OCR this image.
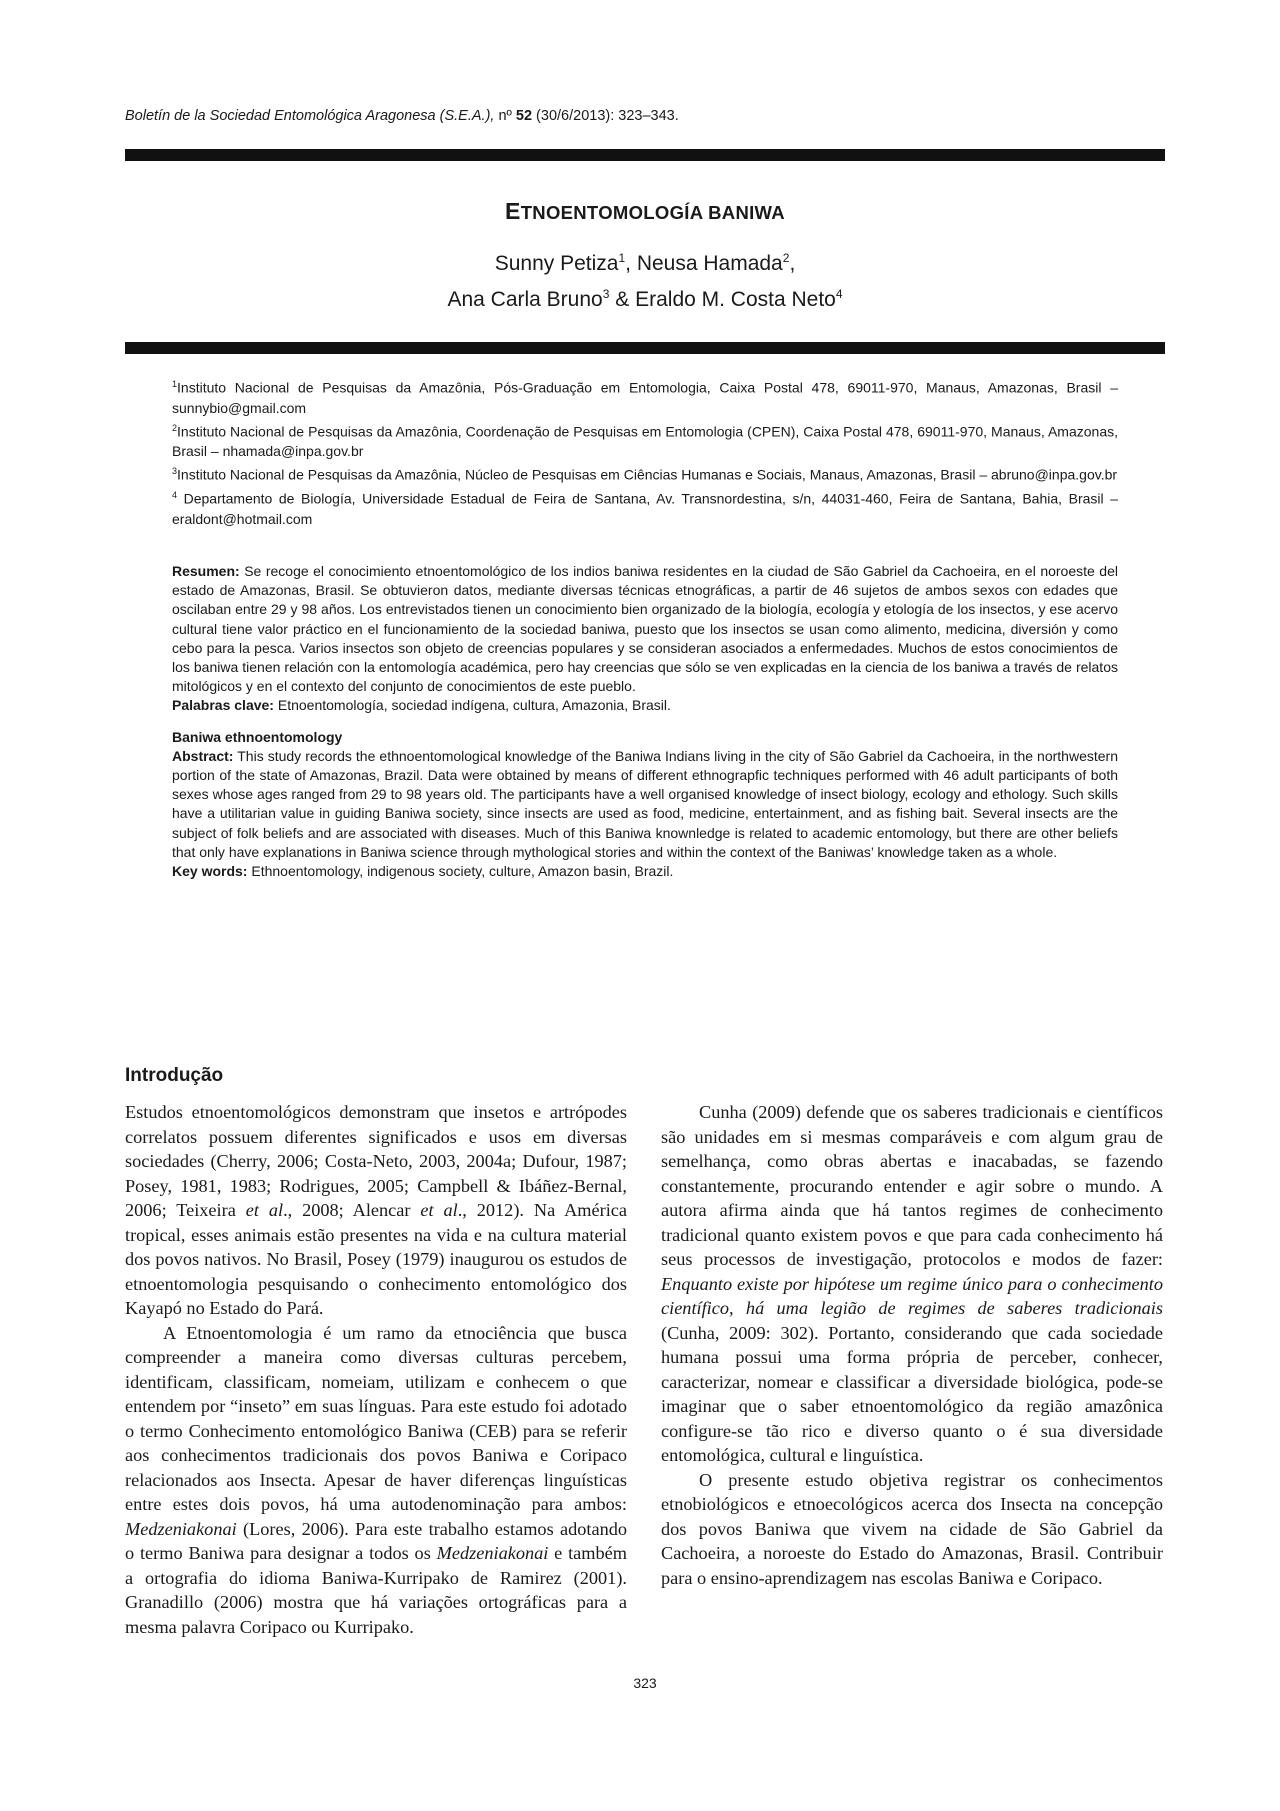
Boletín de la Sociedad Entomológica Aragonesa (S.E.A.), nº 52 (30/6/2013): 323–343.
ETNOENTOMOLOGÍA BANIWA
Sunny Petiza$^1$, Neusa Hamada$^2$,
Ana Carla Bruno$^3$ & Eraldo M. Costa Neto$^4$

$^1$Instituto Nacional de Pesquisas da Amazônia, Pós-Graduação em Entomologia, Caixa Postal 478, 69011-970, Manaus, Amazonas, Brasil – sunnybio@gmail.com

$^2$Instituto Nacional de Pesquisas da Amazônia, Coordenação de Pesquisas em Entomologia (CPEN), Caixa Postal 478, 69011-970, Manaus, Amazonas, Brasil – nhamada@inpa.gov.br

$^3$Instituto Nacional de Pesquisas da Amazônia, Núcleo de Pesquisas em Ciências Humanas e Sociais, Manaus, Amazonas, Brasil – abruno@inpa.gov.br

$^4$ Departamento de Biología, Universidade Estadual de Feira de Santana, Av. Transnordestina, s/n, 44031-460, Feira de Santana, Bahia, Brasil – eraldont@hotmail.com

Resumen: Se recoge el conocimiento etnoentomológico de los indios baniwa residentes en la ciudad de São Gabriel da Cachoeira, en el noroeste del estado de Amazonas, Brasil. Se obtuvieron datos, mediante diversas técnicas etnográficas, a partir de 46 sujetos de ambos sexos con edades que oscilaban entre 29 y 98 años. Los entrevistados tienen un conocimiento bien organizado de la biología, ecología y etología de los insectos, y ese acervo cultural tiene valor práctico en el funcionamiento de la sociedad baniwa, puesto que los insectos se usan como alimento, medicina, diversión y como cebo para la pesca. Varios insectos son objeto de creencias populares y se consideran asociados a enfermedades. Muchos de estos conocimientos de los baniwa tienen relación con la entomología académica, pero hay creencias que sólo se ven explicadas en la ciencia de los baniwa a través de relatos mitológicos y en el contexto del conjunto de conocimientos de este pueblo.

Palabras clave: Etnoentomología, sociedad indígena, cultura, Amazonia, Brasil.

Baniwa ethnoentomology

Abstract: This study records the ethnoentomological knowledge of the Baniwa Indians living in the city of São Gabriel da Cachoeira, in the northwestern portion of the state of Amazonas, Brazil. Data were obtained by means of different ethnograpfic techniques performed with 46 adult participants of both sexes whose ages ranged from 29 to 98 years old. The participants have a well organised knowledge of insect biology, ecology and ethology. Such skills have a utilitarian value in guiding Baniwa society, since insects are used as food, medicine, entertainment, and as fishing bait. Several insects are the subject of folk beliefs and are associated with diseases. Much of this Baniwa knownledge is related to academic entomology, but there are other beliefs that only have explanations in Baniwa science through mythological stories and within the context of the Baniwas’ knowledge taken as a whole.

Key words: Ethnoentomology, indigenous society, culture, Amazon basin, Brazil.

Introdução

Estudos etnoentomológicos demonstram que insetos e artrópodes correlatos possuem diferentes significados e usos em diversas sociedades (Cherry, 2006; Costa-Neto, 2003, 2004a; Dufour, 1987; Posey, 1981, 1983; Rodrigues, 2005; Campbell & Ibáñez-Bernal, 2006; Teixeira et al., 2008; Alencar et al., 2012). Na América tropical, esses animais estão presentes na vida e na cultura material dos povos nativos. No Brasil, Posey (1979) inaugurou os estudos de etnoentomologia pesquisando o conhecimento entomológico dos Kayapó no Estado do Pará.

A Etnoentomologia é um ramo da etnociência que busca compreender a maneira como diversas culturas percebem, identificam, classificam, nomeiam, utilizam e conhecem o que entendem por “inseto” em suas línguas. Para este estudo foi adotado o termo Conhecimento entomológico Baniwa (CEB) para se referir aos conhecimentos tradicionais dos povos Baniwa e Coripaco relacionados aos Insecta. Apesar de haver diferenças linguísticas entre estes dois povos, há uma autodenominação para ambos: Medzeniakonai (Lores, 2006). Para este trabalho estamos adotando o termo Baniwa para designar a todos os Medzeniakonai e também a ortografia do idioma Baniwa-Kurripako de Ramirez (2001). Granadillo (2006) mostra que há variações ortográficas para a mesma palavra Coripaco ou Kurripako.

Cunha (2009) defende que os saberes tradicionais e científicos são unidades em si mesmas comparáveis e com algum grau de semelhança, como obras abertas e inacabadas, se fazendo constantemente, procurando entender e agir sobre o mundo. A autora afirma ainda que há tantos regimes de conhecimento tradicional quanto existem povos e que para cada conhecimento há seus processos de investigação, protocolos e modos de fazer: Enquanto existe por hipótese um regime único para o conhecimento científico, há uma legião de regimes de saberes tradicionais (Cunha, 2009: 302). Portanto, considerando que cada sociedade humana possui uma forma própria de perceber, conhecer, caracterizar, nomear e classificar a diversidade biológica, pode-se imaginar que o saber etnoentomológico da região amazônica configure-se tão rico e diverso quanto o é sua diversidade entomológica, cultural e linguística.

O presente estudo objetiva registrar os conhecimentos etnobiológicos e etnoecológicos acerca dos Insecta na concepção dos povos Baniwa que vivem na cidade de São Gabriel da Cachoeira, a noroeste do Estado do Amazonas, Brasil. Contribuir para o ensino-aprendizagem nas escolas Baniwa e Coripaco.

323
